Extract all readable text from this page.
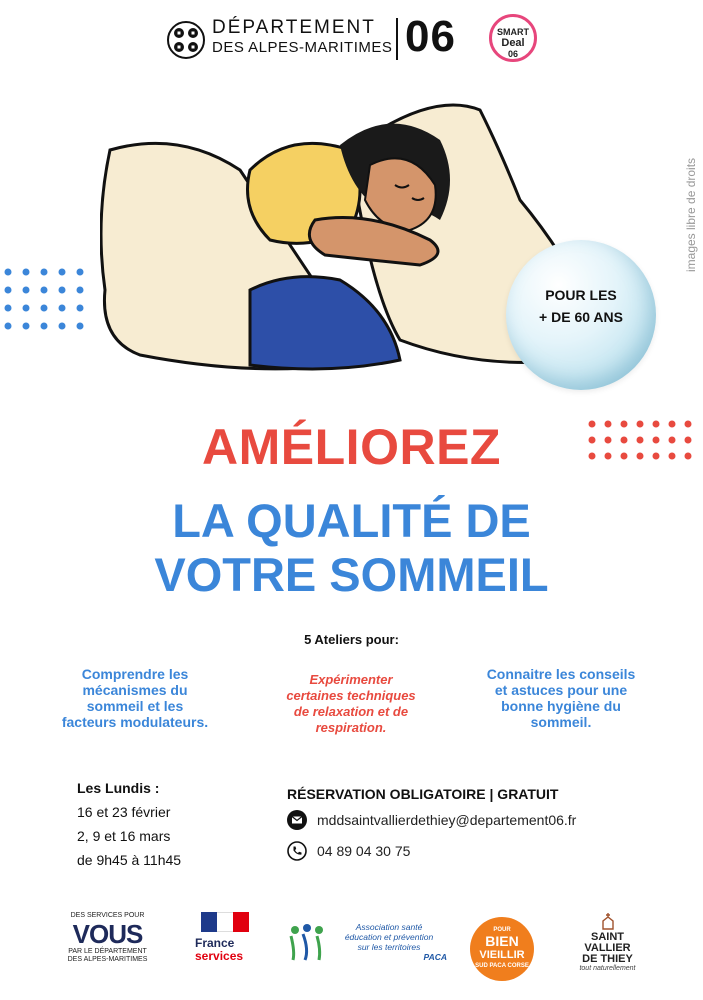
DÉPARTEMENT
DES ALPES-MARITIMES 06	SMART
Deal
06
images libre de droits
POUR LES
+ DE 60 ANS
AMÉLIOREZ
LA QUALITÉ DE
VOTRE SOMMEIL
5 Ateliers pour:
Comprendre les mécanismes du sommeil et les facteurs modulateurs.
Expérimenter certaines techniques de relaxation et de respiration.
Connaitre les conseils et astuces pour une bonne hygiène du sommeil.
Les Lundis :
16 et 23 février
2, 9 et 16 mars
de 9h45 à 11h45
RÉSERVATION OBLIGATOIRE | GRATUIT
mddsaintvallierdethiey@departement06.fr
04 89 04 30 75
DES SERVICES POUR
VOUS
PAR LE DÉPARTEMENT
DES ALPES-MARITIMES
France
services
Association santé
éducation et prévention
sur les territoires
PACA
POUR
BIEN
VIEILLIR
SUD PACA CORSE
SAINT
VALLIER
DE THIEY
tout naturellement
